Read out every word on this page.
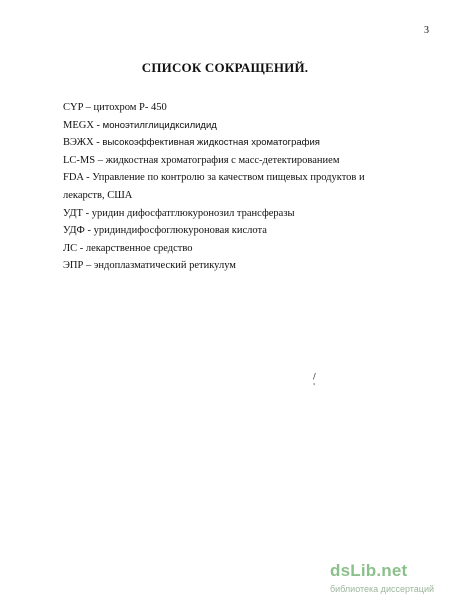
3
СПИСОК СОКРАЩЕНИЙ.
CYP – цитохром Р- 450
MEGX - моноэтилглицидксилидид
ВЭЖХ - высокоэффективная жидкостная хроматография
LC-MS – жидкостная хроматография с масс-детектированием
FDA - Управление по контролю за качеством пищевых продуктов и лекарств, США
УДТ - уридин дифосфатглюкуронозил трансферазы
УДФ - уридиндифосфоглюкуроновая кислота
ЛС - лекарственное средство
ЭПР – эндоплазматический ретикулум
/
'
dsLib.net
библиотека диссертаций
